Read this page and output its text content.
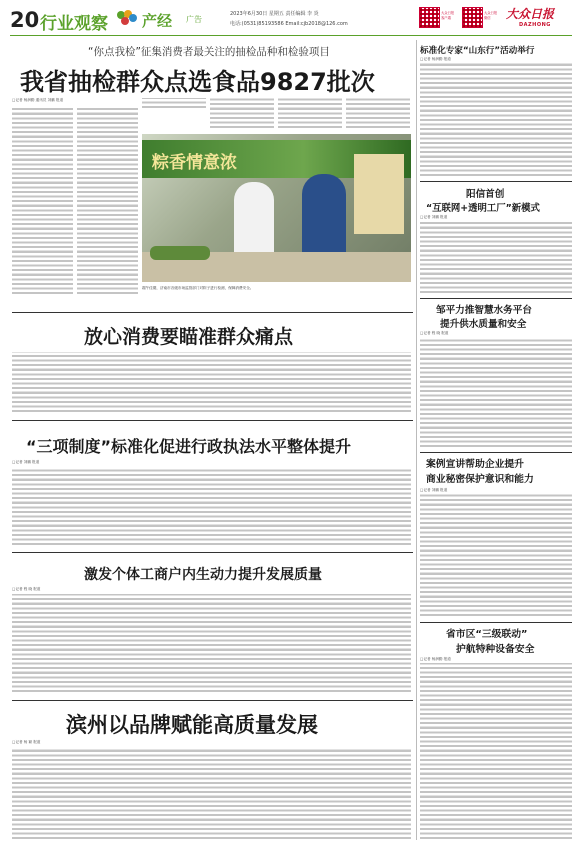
20 行业观察 产经 广告
2023年6月30日 星期五 责任编辑 李 炎
电话:(0531)85193586 Email:cjb2018@126.com
大众日报客户端
大众日报微信	大众日报
DAZHONG
“你点我检”征集消费者最关注的抽检品种和检验项目
我省抽检群众点选食品9827批次
□记者 杨润勤 通讯员 刘鹏 报道
粽香情意浓
端午佳期，济南市各级市场监管部门对粽子进行检测，保障消费安全。
放心消费要瞄准群众痛点
“三项制度”标准化促进行政执法水平整体提升
□记者 刘鹏 报道
激发个体工商户内生动力提升发展质量
□记者 程 晓 报道
滨州以品牌赋能高质量发展
□记者 杨 颖 报道
标准化专家“山东行”活动举行
□记者 杨润勤 报道
阳信首创
“互联网+透明工厂”新模式
□记者 刘鹏 报道
邹平力推智慧水务平台
提升供水质量和安全
□记者 程 晓 报道
案例宣讲帮助企业提升
商业秘密保护意识和能力
□记者 刘鹏 报道
省市区“三级联动”
护航特种设备安全
□记者 杨润勤 报道
